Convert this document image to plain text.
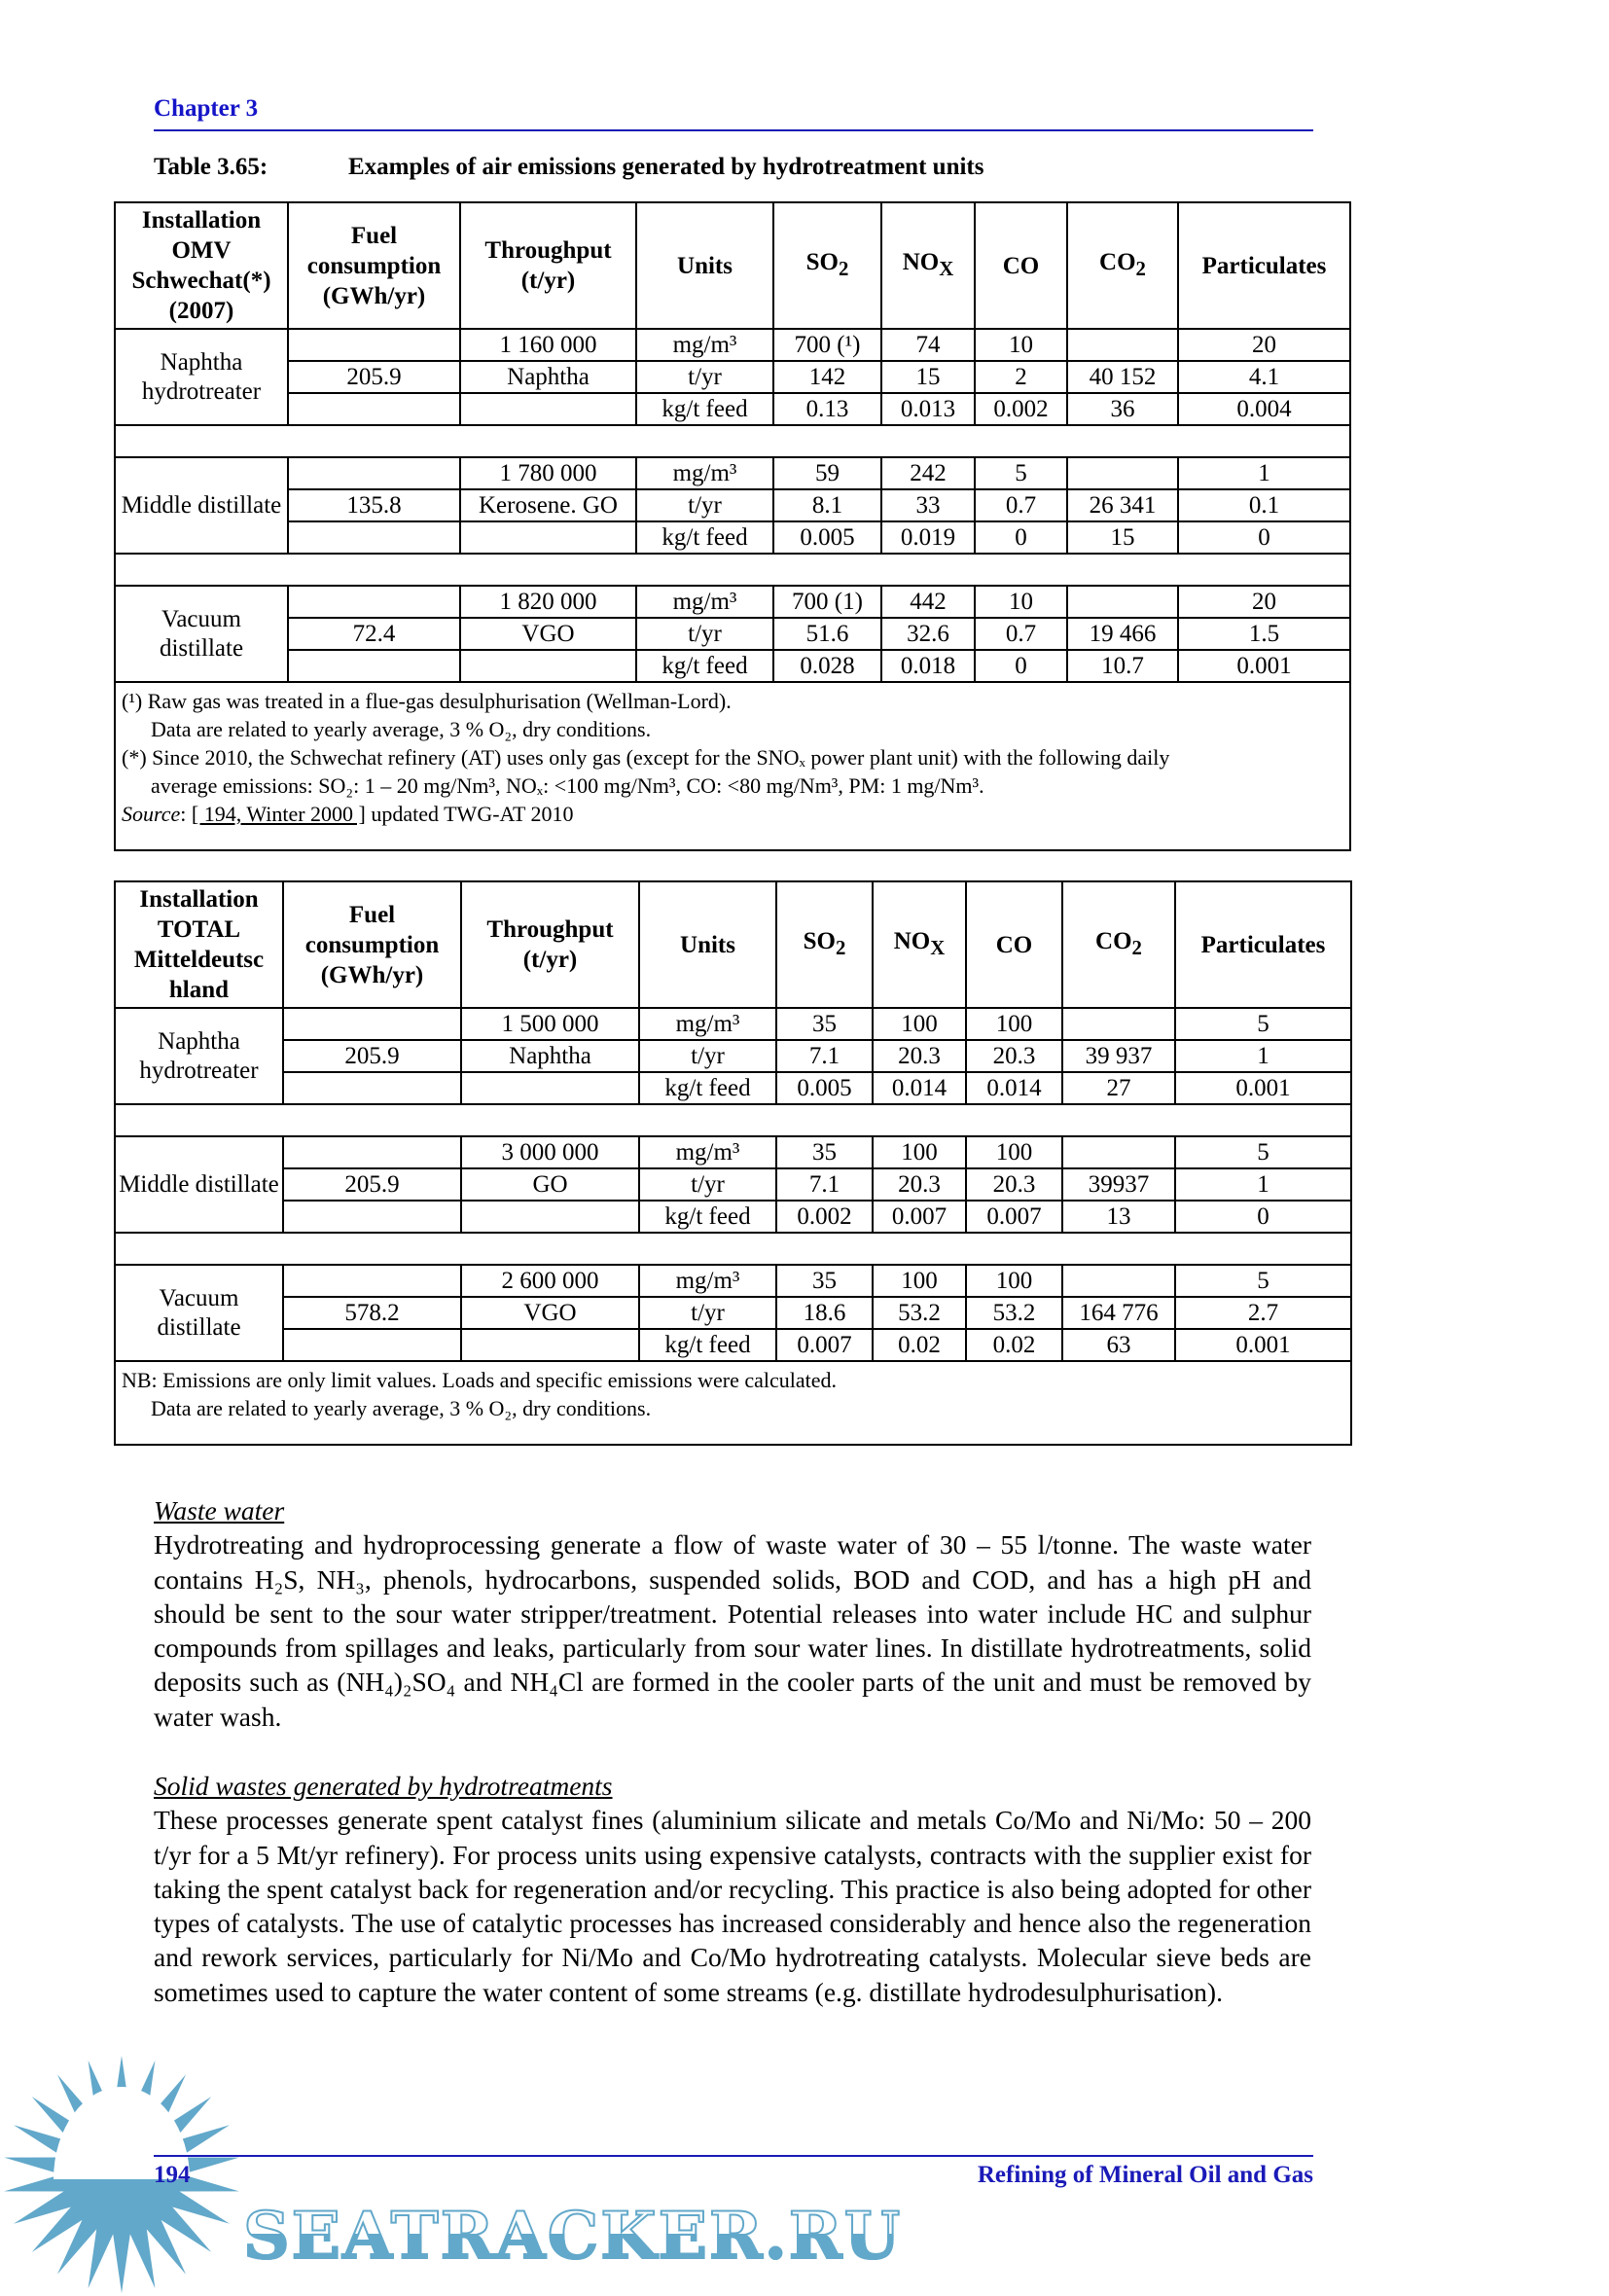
Chapter 3
Table 3.65:	Examples of air emissions generated by hydrotreatment units
Installation OMV Schwechat(*) (2007)	Fuel consumption (GWh/yr)	Throughput (t/yr)	Units	$SO_2$	$NO_X$	CO	$CO_2$	Particulates
Naphtha hydrotreater		1 160 000	mg/m³	700 (¹)	74	10		20
	205.9	Naphtha	t/yr	142	15	2	40 152	4.1
			kg/t feed	0.13	0.013	0.002	36	0.004

Middle distillate		1 780 000	mg/m³	59	242	5		1
	135.8	Kerosene. GO	t/yr	8.1	33	0.7	26 341	0.1
			kg/t feed	0.005	0.019	0	15	0

Vacuum distillate		1 820 000	mg/m³	700 (1)	442	10		20
	72.4	VGO	t/yr	51.6	32.6	0.7	19 466	1.5
			kg/t feed	0.028	0.018	0	10.7	0.001

(¹) Raw gas was treated in a flue-gas desulphurisation (Wellman-Lord).
Data are related to yearly average, 3 % O₂, dry conditions.
(*) Since 2010, the Schwechat refinery (AT) uses only gas (except for the SNOₓ power plant unit) with the following daily
average emissions: SO₂: 1 – 20 mg/Nm³, NOₓ: <100 mg/Nm³, CO: <80 mg/Nm³, PM: 1 mg/Nm³.
Source: [ 194, Winter 2000 ] updated TWG-AT 2010								
Installation TOTAL Mitteldeutsc hland	Fuel consumption (GWh/yr)	Throughput (t/yr)	Units	$SO_2$	$NO_X$	CO	$CO_2$	Particulates
Naphtha hydrotreater		1 500 000	mg/m³	35	100	100		5
	205.9	Naphtha	t/yr	7.1	20.3	20.3	39 937	1
			kg/t feed	0.005	0.014	0.014	27	0.001

Middle distillate		3 000 000	mg/m³	35	100	100		5
	205.9	GO	t/yr	7.1	20.3	20.3	39937	1
			kg/t feed	0.002	0.007	0.007	13	0

Vacuum distillate		2 600 000	mg/m³	35	100	100		5
	578.2	VGO	t/yr	18.6	53.2	53.2	164 776	2.7
			kg/t feed	0.007	0.02	0.02	63	0.001

NB: Emissions are only limit values. Loads and specific emissions were calculated.
Data are related to yearly average, 3 % O₂, dry conditions.								
Waste water

Hydrotreating and hydroprocessing generate a flow of waste water of 30 – 55 l/tonne. The waste water contains H₂S, NH₃, phenols, hydrocarbons, suspended solids, BOD and COD, and has a high pH and should be sent to the sour water stripper/treatment. Potential releases into water include HC and sulphur compounds from spillages and leaks, particularly from sour water lines. In distillate hydrotreatments, solid deposits such as (NH₄)₂SO₄ and NH₄Cl are formed in the cooler parts of the unit and must be removed by water wash.

Solid wastes generated by hydrotreatments

These processes generate spent catalyst fines (aluminium silicate and metals Co/Mo and Ni/Mo: 50 – 200 t/yr for a 5 Mt/yr refinery). For process units using expensive catalysts, contracts with the supplier exist for taking the spent catalyst back for regeneration and/or recycling. This practice is also being adopted for other types of catalysts. The use of catalytic processes has increased considerably and hence also the regeneration and rework services, particularly for Ni/Mo and Co/Mo hydrotreating catalysts. Molecular sieve beds are sometimes used to capture the water content of some streams (e.g. distillate hydrodesulphurisation).

SEATRACKER.RU
194	Refining of Mineral Oil and Gas
